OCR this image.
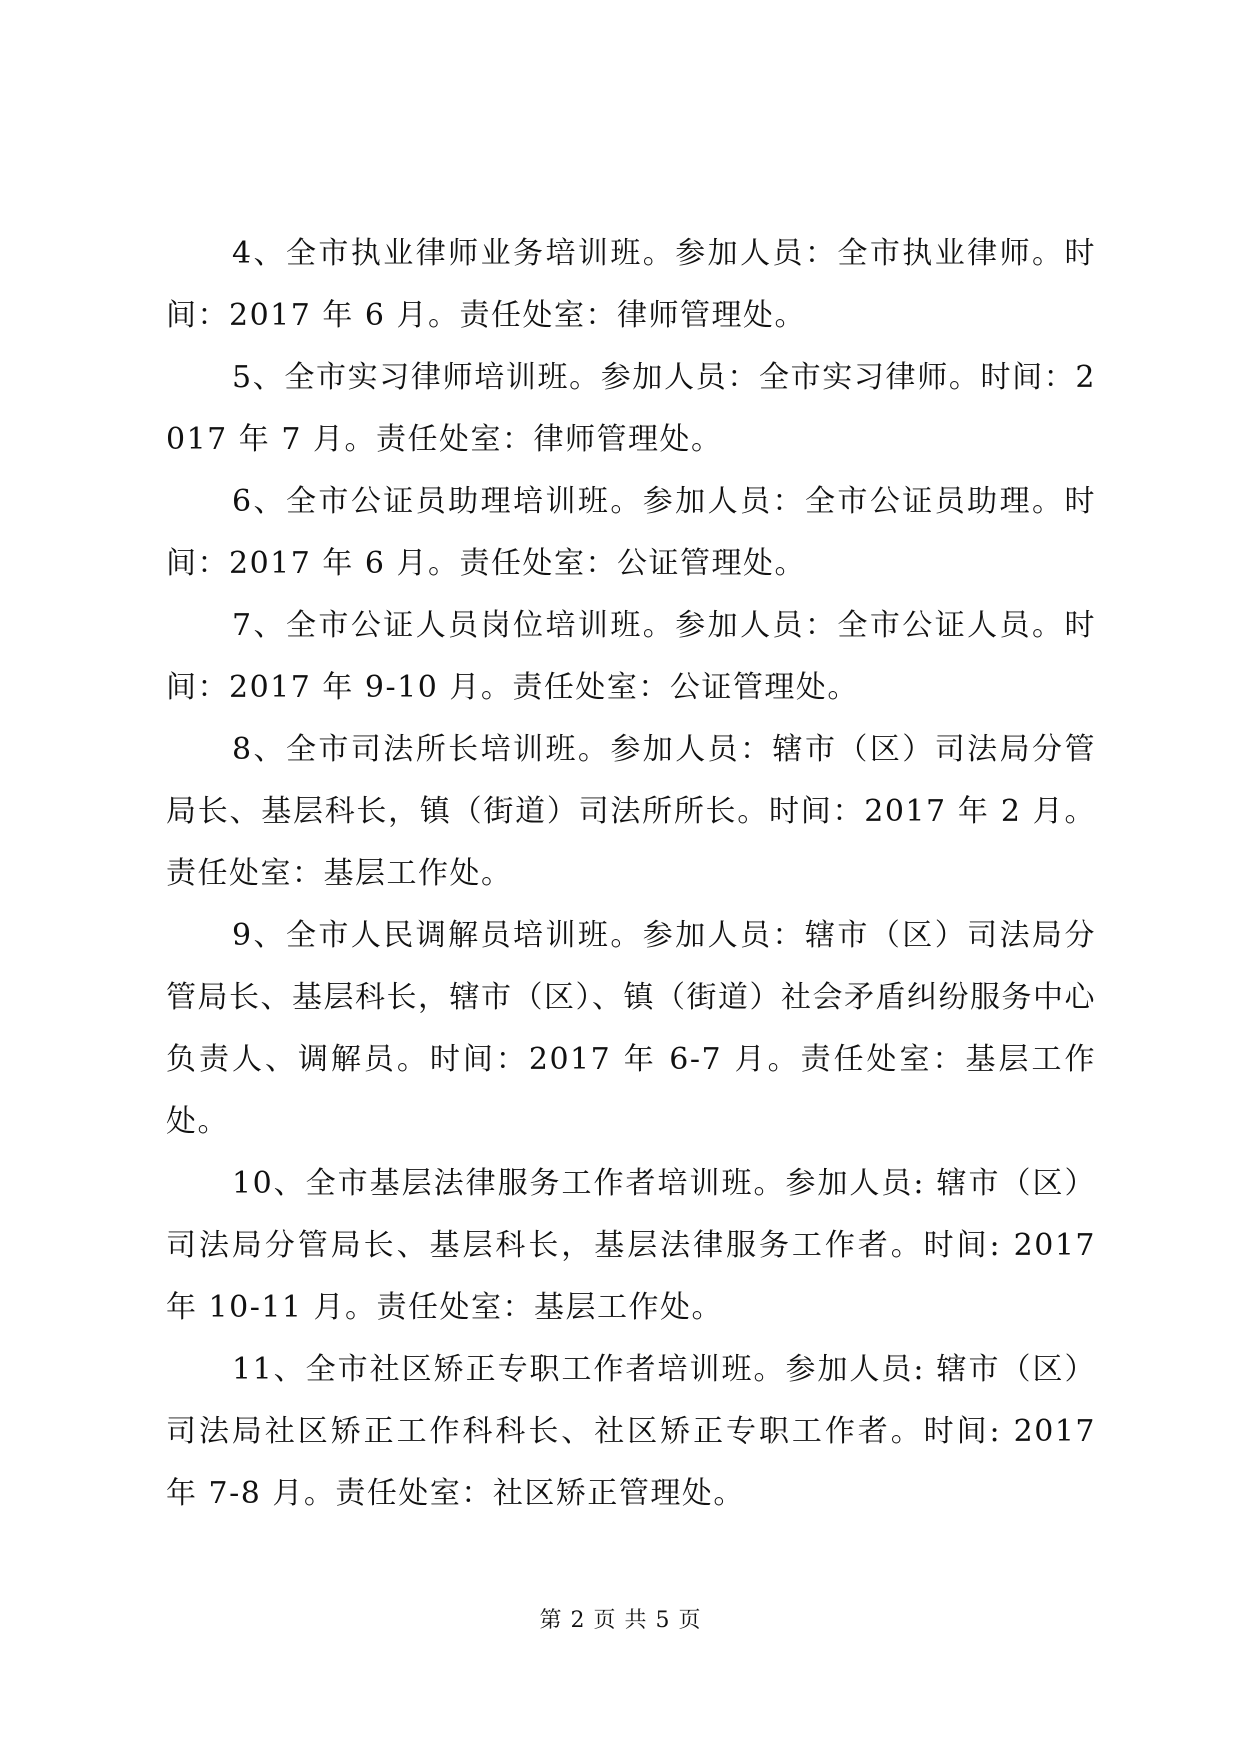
4、全市执业律师业务培训班。参加人员：全市执业律师。时间：2017 年 6 月。责任处室：律师管理处。

5、全市实习律师培训班。参加人员：全市实习律师。时间：2017 年 7 月。责任处室：律师管理处。

6、全市公证员助理培训班。参加人员：全市公证员助理。时间：2017 年 6 月。责任处室：公证管理处。

7、全市公证人员岗位培训班。参加人员：全市公证人员。时间：2017 年 9-10 月。责任处室：公证管理处。

8、全市司法所长培训班。参加人员：辖市（区）司法局分管局长、基层科长，镇（街道）司法所所长。时间：2017 年 2 月。责任处室：基层工作处。

9、全市人民调解员培训班。参加人员：辖市（区）司法局分管局长、基层科长，辖市（区）、镇（街道）社会矛盾纠纷服务中心负责人、调解员。时间：2017 年 6-7 月。责任处室：基层工作处。

10、全市基层法律服务工作者培训班。参加人员: 辖市（区）司法局分管局长、基层科长，基层法律服务工作者。时间: 2017 年 10-11 月。责任处室：基层工作处。

11、全市社区矫正专职工作者培训班。参加人员: 辖市（区）司法局社区矫正工作科科长、社区矫正专职工作者。时间: 2017 年 7-8 月。责任处室：社区矫正管理处。

第 2 页 共 5 页
